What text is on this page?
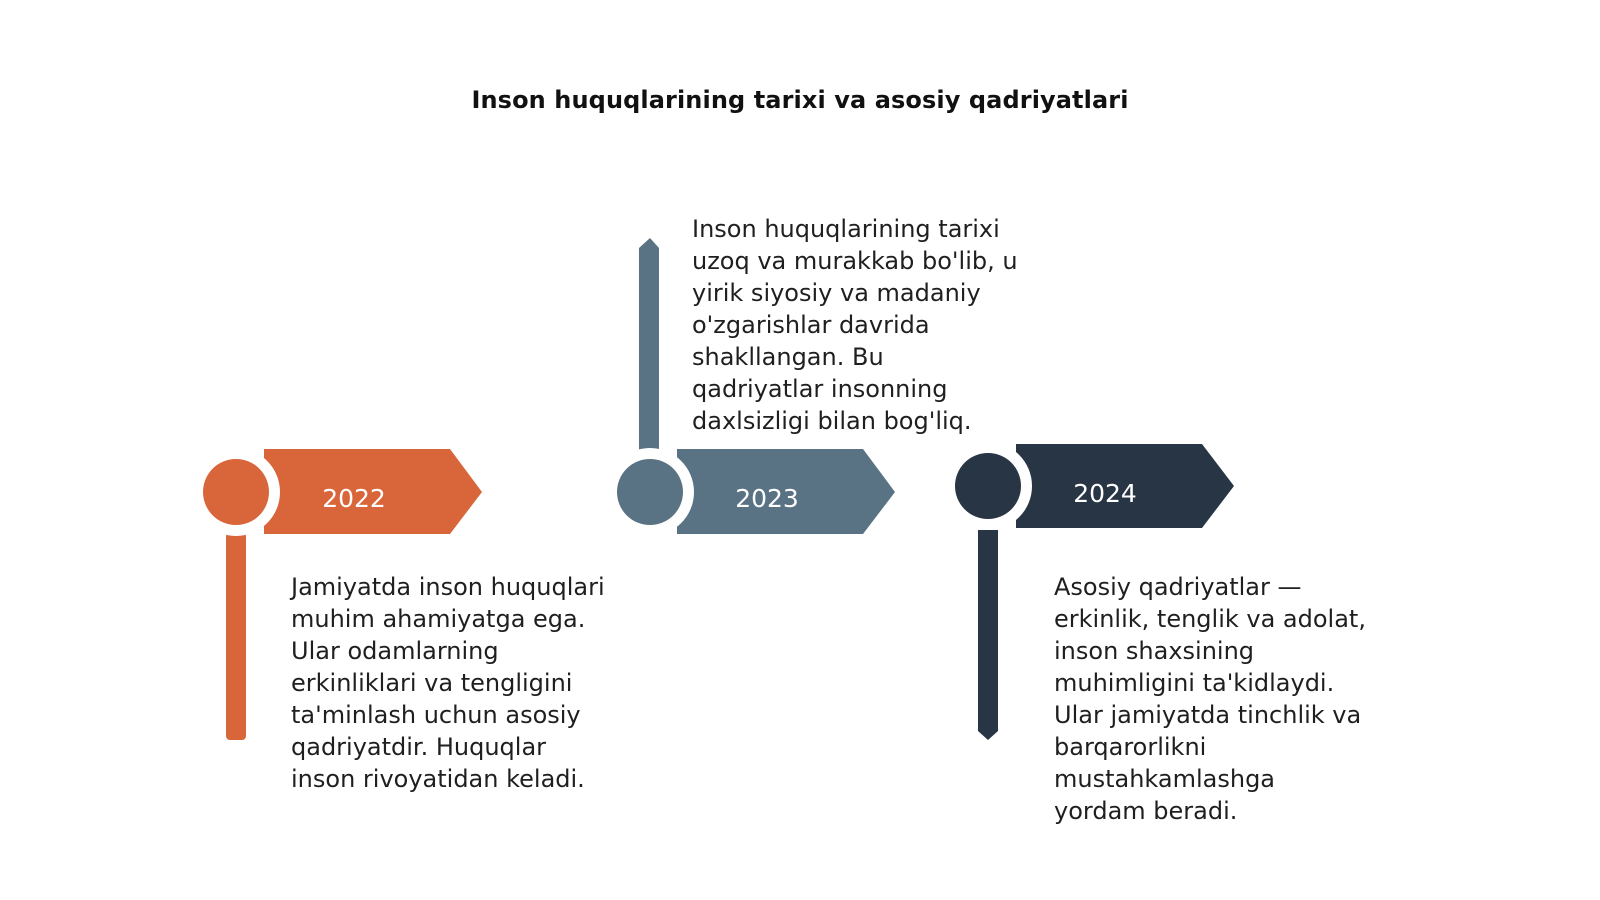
Inson huquqlarining tarixi va asosiy qadriyatlari
2022	2023	2024

Jamiyatda inson huquqlari
muhim ahamiyatga ega.
Ular odamlarning
erkinliklari va tengligini
ta'minlash uchun asosiy
qadriyatdir. Huquqlar
inson rivoyatidan keladi.

Inson huquqlarining tarixi
uzoq va murakkab bo'lib, u
yirik siyosiy va madaniy
o'zgarishlar davrida
shakllangan. Bu
qadriyatlar insonning
daxlsizligi bilan bog'liq.

Asosiy qadriyatlar —
erkinlik, tenglik va adolat,
inson shaxsining
muhimligini ta'kidlaydi.
Ular jamiyatda tinchlik va
barqarorlikni
mustahkamlashga
yordam beradi.
